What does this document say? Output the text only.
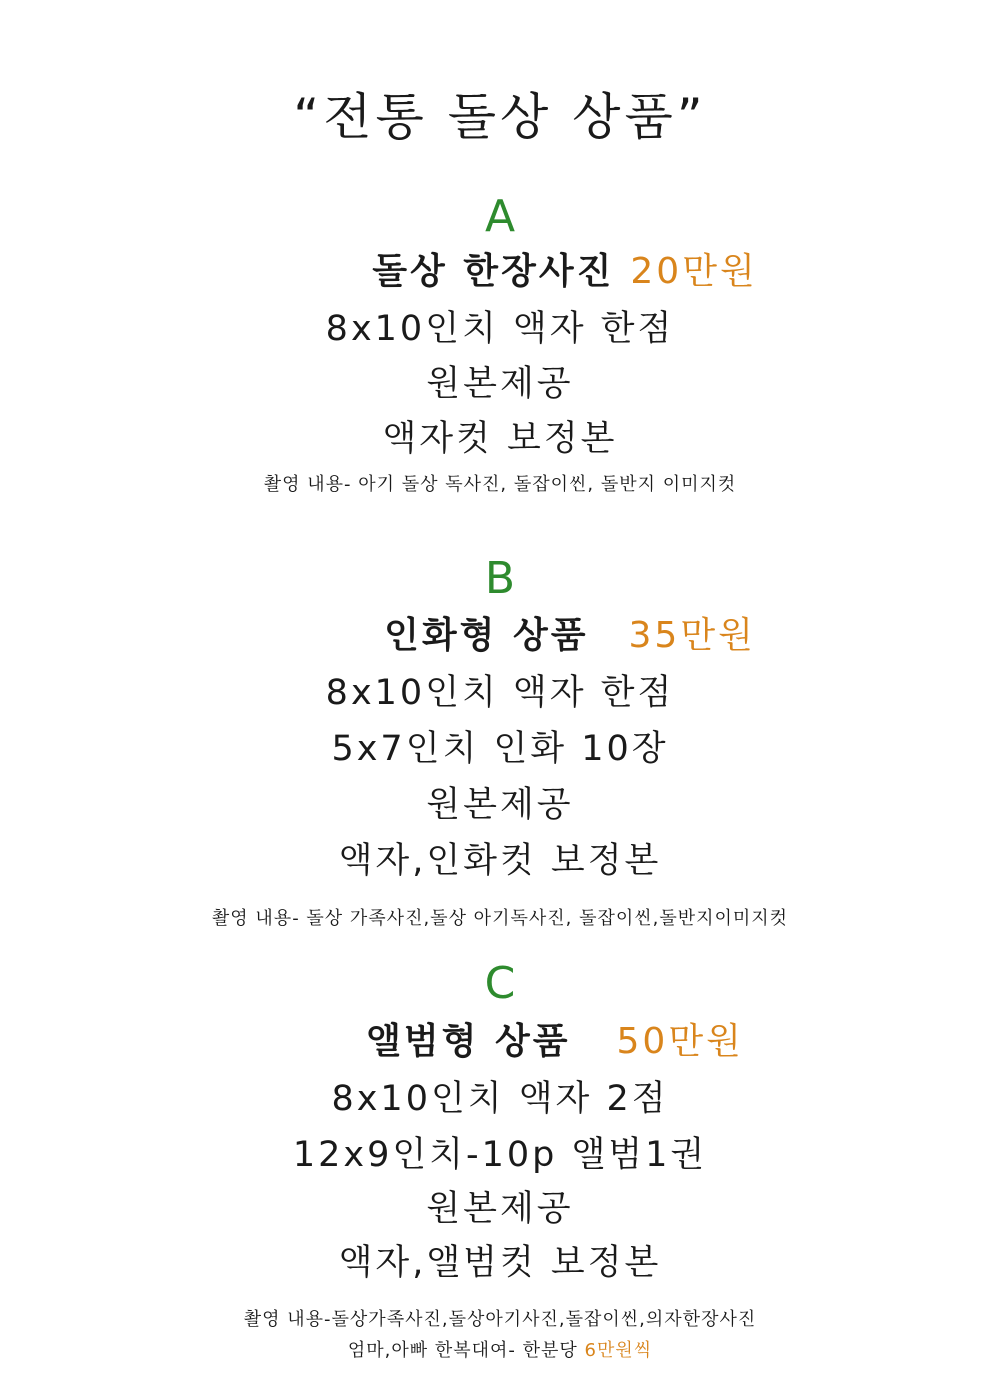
“전통 돌상 상품”
A
돌상 한장사진 20만원
8x10인치 액자 한점
원본제공
액자컷 보정본
촬영 내용- 아기 돌상 독사진, 돌잡이씬, 돌반지 이미지컷
B
인화형 상품 35만원
8x10인치 액자 한점
5x7인치 인화 10장
원본제공
액자,인화컷 보정본
촬영 내용- 돌상 가족사진,돌상 아기독사진, 돌잡이씬,돌반지이미지컷
C
앨범형 상품 50만원
8x10인치 액자 2점
12x9인치-10p 앨범1권
원본제공
액자,앨범컷 보정본
촬영 내용-돌상가족사진,돌상아기사진,돌잡이씬,의자한장사진
엄마,아빠 한복대여- 한분당 6만원씩
